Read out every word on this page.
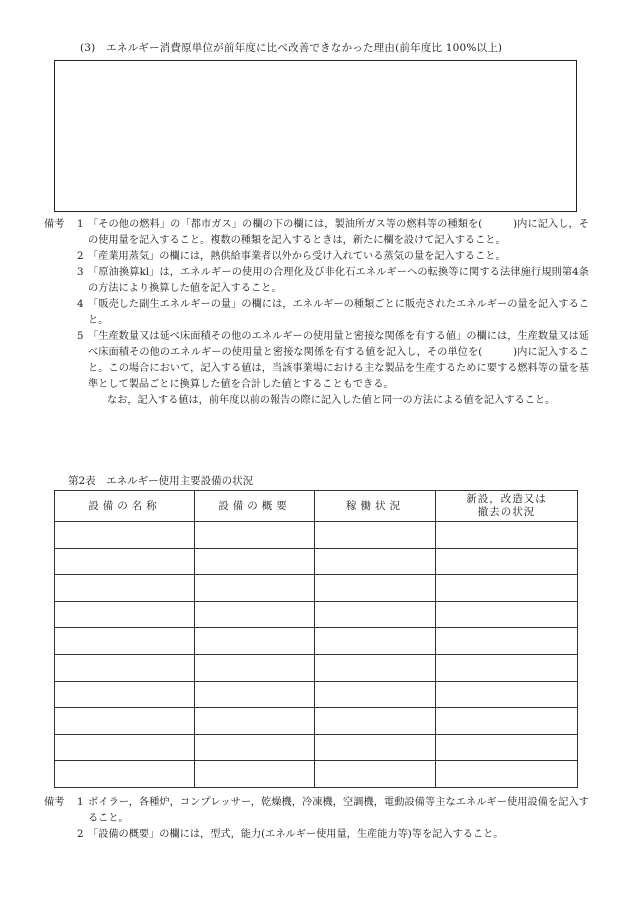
(3)　エネルギー消費原単位が前年度に比べ改善できなかった理由(前年度比 100%以上)
備考 1 「その他の燃料」の「都市ガス」の欄の下の欄には，製油所ガス等の燃料等の種類を(　　　)内に記入し，その使用量を記入すること。複数の種類を記入するときは，新たに欄を設けて記入すること。
2 「産業用蒸気」の欄には，熱供給事業者以外から受け入れている蒸気の量を記入すること。
3 「原油換算kl」は，エネルギーの使用の合理化及び非化石エネルギーへの転換等に関する法律施行規則第4条の方法により換算した値を記入すること。
4 「販売した副生エネルギーの量」の欄には，エネルギーの種類ごとに販売されたエネルギーの量を記入すること。
5 「生産数量又は延べ床面積その他のエネルギーの使用量と密接な関係を有する値」の欄には，生産数量又は延べ床面積その他のエネルギーの使用量と密接な関係を有する値を記入し，その単位を(　　　)内に記入すること。この場合において，記入する値は，当該事業場における主な製品を生産するために要する燃料等の量を基準として製品ごとに換算した値を合計した値とすることもできる。
なお，記入する値は，前年度以前の報告の際に記入した値と同一の方法による値を記入すること。
第2表　エネルギー使用主要設備の状況
設備の名称	設備の概要	稼働状況	新設，改造又は
撤去の状況

備考 1 ボイラー，各種炉，コンプレッサー，乾燥機，冷凍機，空調機，電動設備等主なエネルギー使用設備を記入すること。
2 「設備の概要」の欄には，型式，能力(エネルギー使用量，生産能力等)等を記入すること。
